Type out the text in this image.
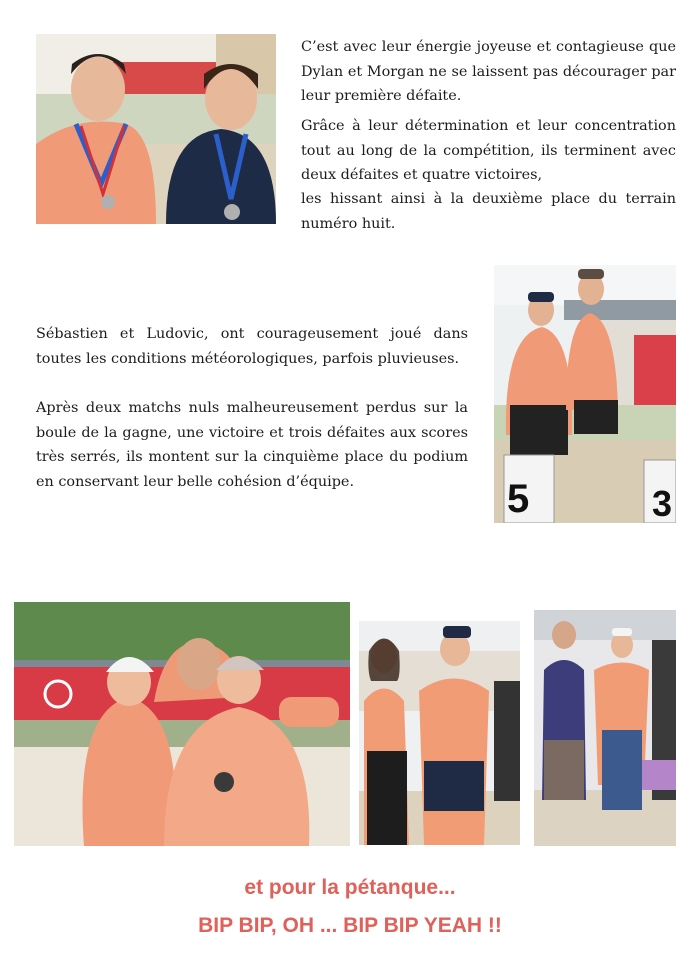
C’est avec leur énergie joyeuse et contagieuse que Dylan et Morgan ne se laissent pas décourager par leur première défaite.

Grâce à leur détermination et leur concentration tout au long de la compétition, ils terminent avec deux défaites et quatre victoires,

les hissant ainsi à la deuxième place du terrain numéro huit.

Sébastien et Ludovic, ont courageusement joué dans toutes les conditions météorologiques, parfois pluvieuses.

Après deux matchs nuls malheureusement perdus sur la boule de la gagne, une victoire et trois défaites aux scores très serrés, ils montent sur la cinquième place du podium en conservant leur belle cohésion d’équipe.	5	3
et pour la pétanque...
BIP BIP, OH ... BIP BIP YEAH !!
